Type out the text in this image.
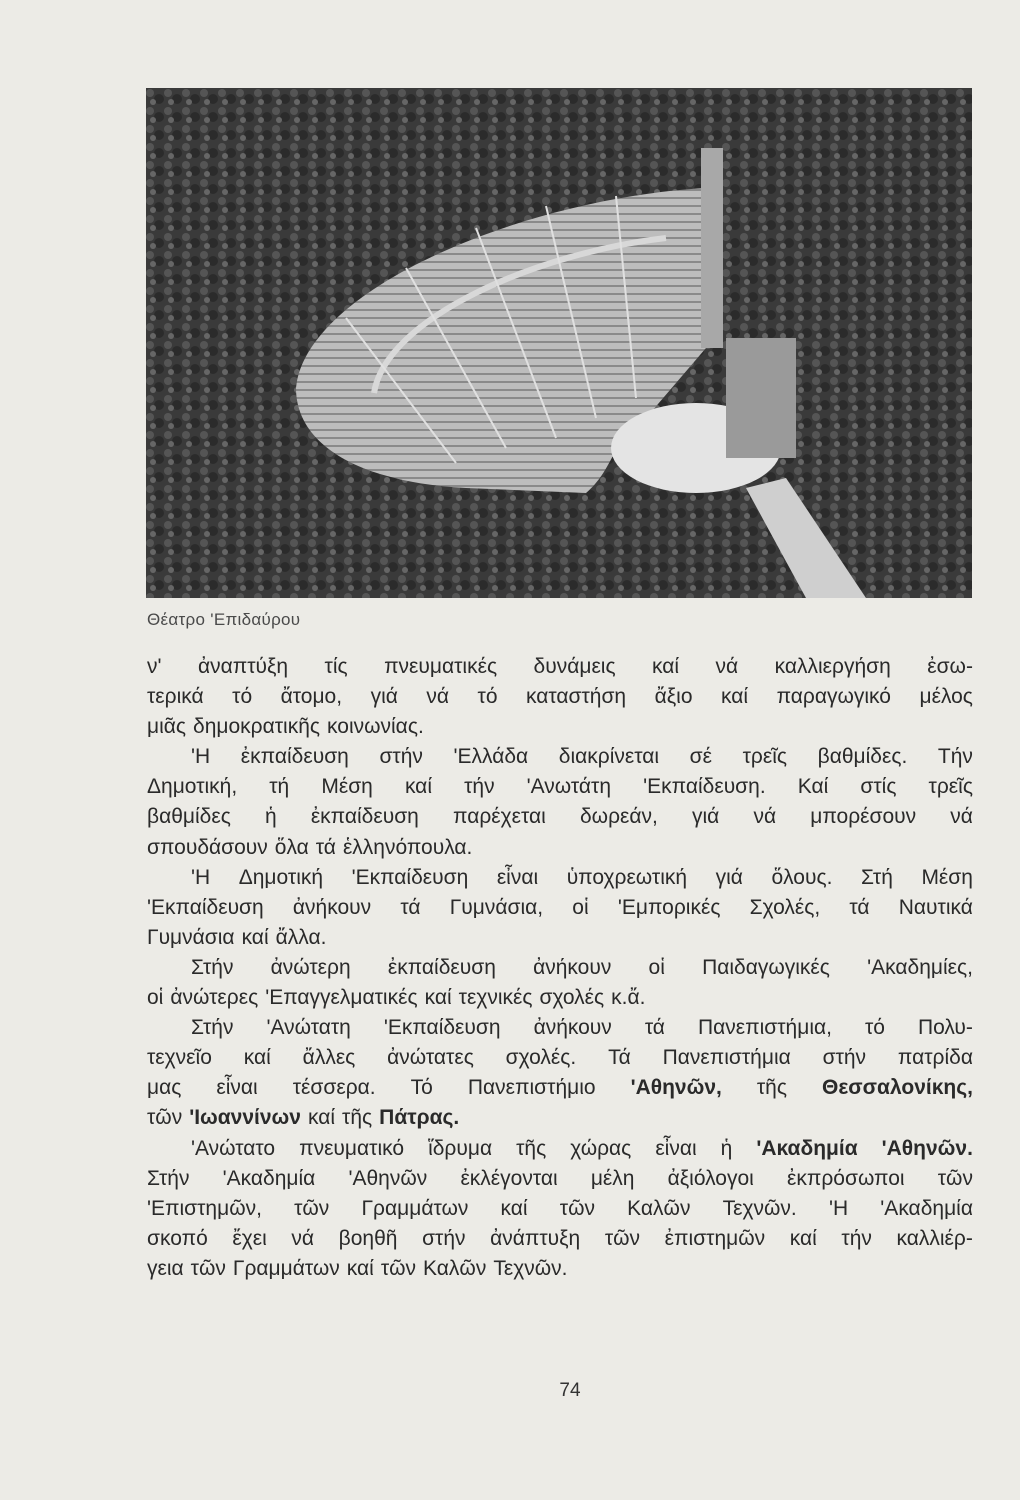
Θέατρο 'Επιδαύρου
ν' ἀναπτύξη τίς πνευματικές δυνάμεις καί νά καλλιεργήση ἐσω-
τερικά τό ἄτομο, γιά νά τό καταστήση ἄξιο καί παραγωγικό μέλος
μιᾶς δημοκρατικῆς κοινωνίας.
'Η ἐκπαίδευση στήν 'Ελλάδα διακρίνεται σέ τρεῖς βαθμίδες. Τήν
Δημοτική, τή Μέση καί τήν 'Ανωτάτη 'Εκπαίδευση. Καί στίς τρεῖς
βαθμίδες ἡ ἐκπαίδευση παρέχεται δωρεάν, γιά νά μπορέσουν νά
σπουδάσουν ὅλα τά ἑλληνόπουλα.
'Η Δημοτική 'Εκπαίδευση εἶναι ὑποχρεωτική γιά ὅλους. Στή Μέση
'Εκπαίδευση ἀνήκουν τά Γυμνάσια, οἱ 'Εμπορικές Σχολές, τά Ναυτικά
Γυμνάσια καί ἄλλα.
Στήν ἀνώτερη ἐκπαίδευση ἀνήκουν οἱ Παιδαγωγικές 'Ακαδημίες,
οἱ ἀνώτερες 'Επαγγελματικές καί τεχνικές σχολές κ.ἄ.
Στήν 'Ανώτατη 'Εκπαίδευση ἀνήκουν τά Πανεπιστήμια, τό Πολυ-
τεχνεῖο καί ἄλλες ἀνώτατες σχολές. Τά Πανεπιστήμια στήν πατρίδα
μας εἶναι τέσσερα. Τό Πανεπιστήμιο 'Αθηνῶν, τῆς Θεσσαλονίκης,
τῶν 'Ιωαννίνων καί τῆς Πάτρας.
'Ανώτατο πνευματικό ἵδρυμα τῆς χώρας εἶναι ἡ 'Ακαδημία 'Αθηνῶν.
Στήν 'Ακαδημία 'Αθηνῶν ἐκλέγονται μέλη ἀξιόλογοι ἐκπρόσωποι τῶν
'Επιστημῶν, τῶν Γραμμάτων καί τῶν Καλῶν Τεχνῶν. 'Η 'Ακαδημία
σκοπό ἔχει νά βοηθῆ στήν ἀνάπτυξη τῶν ἐπιστημῶν καί τήν καλλιέρ-
γεια τῶν Γραμμάτων καί τῶν Καλῶν Τεχνῶν.
74
